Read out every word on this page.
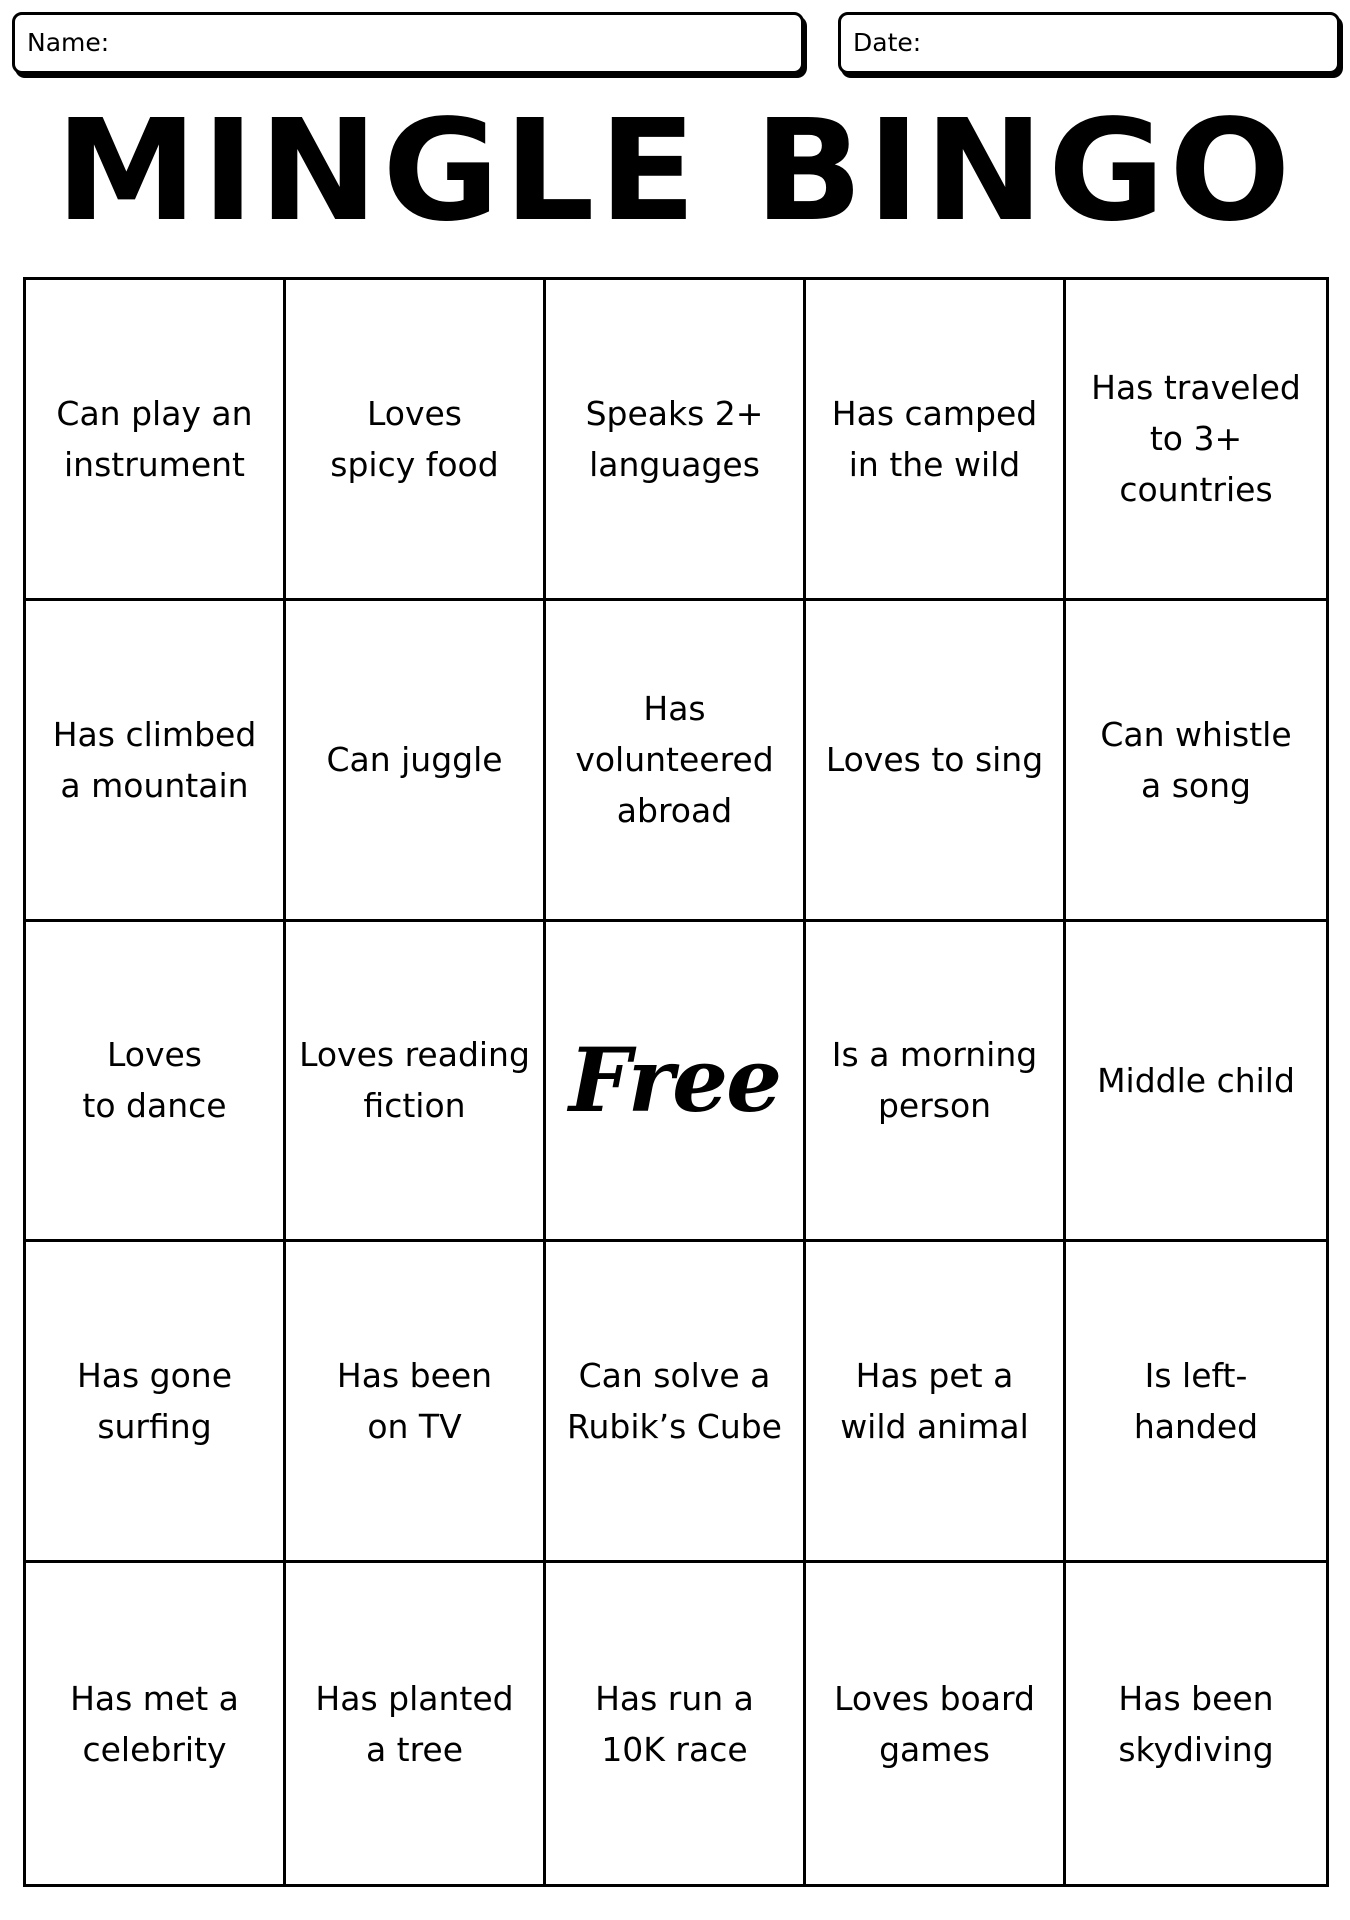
Name:	Date:
MINGLE BINGO
Can play an
instrument
Loves
spicy food
Speaks 2+
languages
Has camped
in the wild
Has traveled
to 3+ countries
Has climbed
a mountain
Can juggle
Has
volunteered
abroad
Loves to sing
Can whistle
a song
Loves
to dance
Loves reading
fiction	Free Is a morning
person
Middle child
Has gone
surfing
Has been
on TV
Can solve a
Rubik’s Cube
Has pet a
wild animal
Is left-
handed
Has met a
celebrity
Has planted
a tree
Has run a
10K race
Loves board
games
Has been
skydiving
